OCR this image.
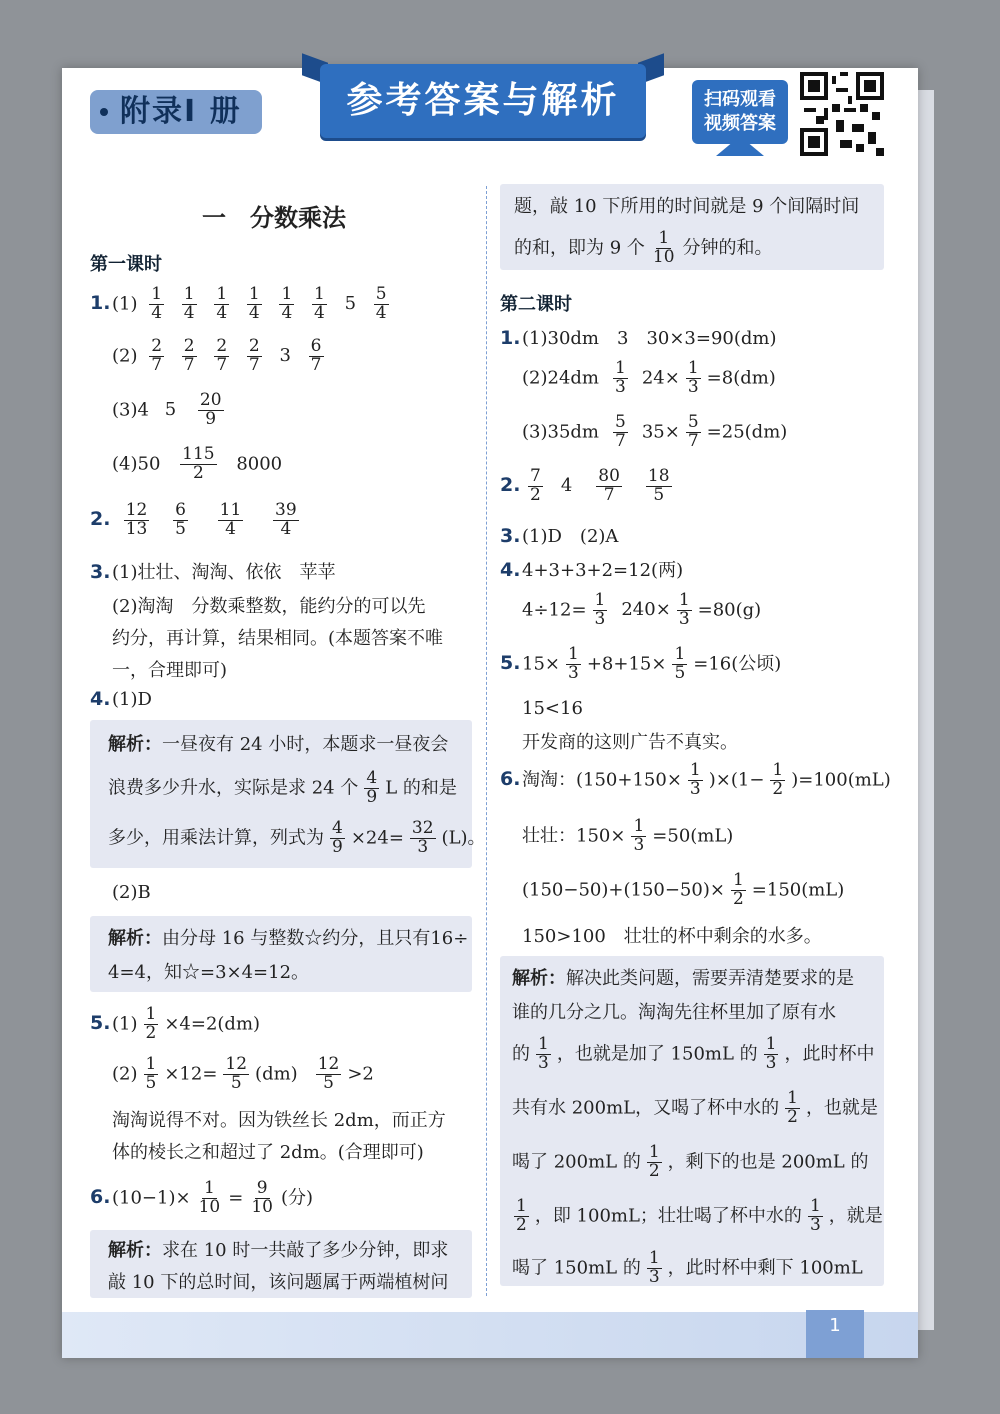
1
附录Ⅰ 册	参考答案与解析	扫码观看
视频答案
一　分数乘法
第一课时
$1.(1) \frac{1}{4}$
$\frac{1}{4}$
$\frac{1}{4}$
$\frac{1}{4}$
$\frac{1}{4}$
$\frac{1}{4} 5 \frac{5}{4}$
$(2) \frac{2}{7}$
$\frac{2}{7}$
$\frac{2}{7}$
$\frac{2}{7} 3 \frac{6}{7}$
(3)4 $5 \frac{20}{9}$
$(4)50 \frac{115}{2} 8000$
2. $\frac{12}{13}$
$\frac{6}{5}$
$\frac{11}{4}$
$\frac{39}{4}$
3.(1)壮壮、淘淘、依依　苹苹
(2)淘淘　分数乘整数，能约分的可以先
约分，再计算，结果相同。(本题答案不唯
一，合理即可)
4.(1)D
解析：一昼夜有 24 小时，本题求一昼夜会
浪费多少升水，实际是求 24 个 $\frac{4}{9}$ L 的和是
多少，用乘法计算，列式为 $\frac{4}{9} \times 24= \frac{32}{3} (L)$。
(2)B
解析：由分母 16 与整数☆约分，且只有16÷
4=4，知☆=3×4=12。
$5.(1) \frac{1}{2} \times 4=2(dm)$
$(2) \frac{1}{5} \times 12= \frac{12}{5} (dm) \frac{12}{5} >2$
淘淘说得不对。因为铁丝长 2dm，而正方
体的棱长之和超过了 2dm。(合理即可)
$6.(10-1)\times \frac{1}{10} = \frac{9}{10}$ (分)
解析：求在 10 时一共敲了多少分钟，即求
敲 10 下的总时间，该问题属于两端植树问
题，敲 10 下所用的时间就是 9 个间隔时间
的和，即为 9 个 $\frac{1}{10}$ 分钟的和。
第二课时
1.(1)30dm　3　30×3=90(dm)
$(2)24dm \frac{1}{3} 24\times \frac{1}{3} =8(dm)$
$(3)35dm \frac{5}{7} 35\times \frac{5}{7} =25(dm)$
2. $\frac{7}{2} 4 \frac{80}{7} \frac{18}{5}$
3.(1)D　(2)A
4.4+3+3+2=12(两)
$4\div 12= \frac{1}{3} 240\times \frac{1}{3} =80(g)$
$5.15\times \frac{1}{3} +8+15\times \frac{1}{5} =16$(公顷)
15<16
开发商的这则广告不真实。
6.淘淘：$(150+150\times \frac{1}{3} )\times(1- \frac{1}{2} )=100(mL)$
壮壮：$150\times \frac{1}{3} =50(mL)$
$(150-50)+(150-50)\times \frac{1}{2} =150(mL)$
150>100　壮壮的杯中剩余的水多。
解析：解决此类问题，需要弄清楚要求的是
谁的几分之几。淘淘先往杯里加了原有水
的 $\frac{1}{3}$ ，也就是加了 150mL 的 $\frac{1}{3}$ ，此时杯中
共有水 200mL，又喝了杯中水的 $\frac{1}{2}$ ，也就是
喝了 200mL 的 $\frac{1}{2}$ ，剩下的也是 200mL 的
$\frac{1}{2}$ ，即 100mL；壮壮喝了杯中水的 $\frac{1}{3}$ ，就是
喝了 150mL 的 $\frac{1}{3}$ ，此时杯中剩下 100mL
